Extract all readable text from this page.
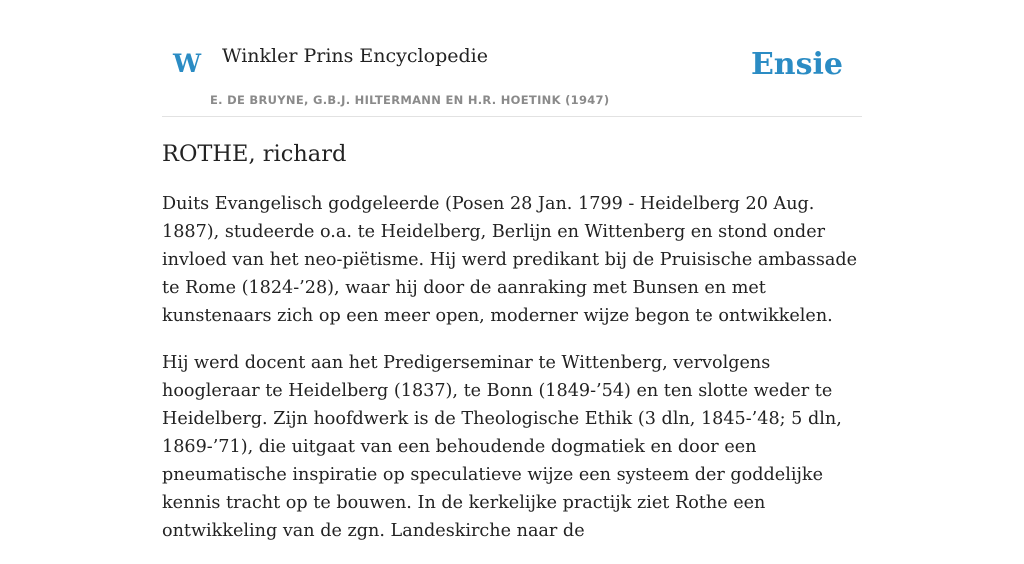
W Winkler Prins Encyclopedie
E. DE BRUYNE, G.B.J. HILTERMANN EN H.R. HOETINK (1947)
Ensie
ROTHE, richard

Duits Evangelisch godgeleerde (Posen 28 Jan. 1799 - Heidelberg 20 Aug. 1887), studeerde o.a. te Heidelberg, Berlijn en Wittenberg en stond onder invloed van het neo-piëtisme. Hij werd predikant bij de Pruisische ambassade te Rome (1824-’28), waar hij door de aanraking met Bunsen en met kunstenaars zich op een meer open, moderner wijze begon te ontwikkelen.

Hij werd docent aan het Predigerseminar te Wittenberg, vervolgens hoogleraar te Heidelberg (1837), te Bonn (1849-’54) en ten slotte weder te Heidelberg. Zijn hoofdwerk is de Theologische Ethik (3 dln, 1845-’48; 5 dln, 1869-’71), die uitgaat van een behoudende dogmatiek en door een pneumatische inspiratie op speculatieve wijze een systeem der goddelijke kennis tracht op te bouwen. In de kerkelijke practijk ziet Rothe een ontwikkeling van de zgn. Landeskirche naar de
